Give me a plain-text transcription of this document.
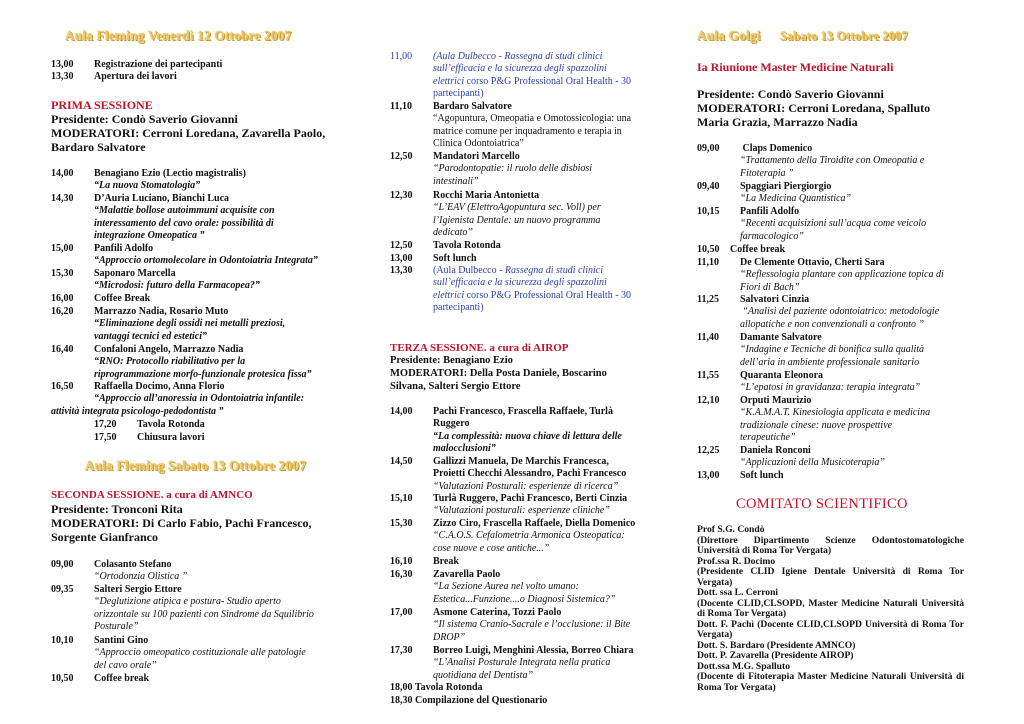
Aula Fleming Venerdì 12 Ottobre 2007
13,00 Registrazione dei partecipanti
13,30 Apertura dei lavori
PRIMA SESSIONE
Presidente: Condò Saverio Giovanni
MODERATORI: Cerroni Loredana, Zavarella Paolo,
Bardaro Salvatore
14,00 Benagiano Ezio (Lectio magistralis)
“La nuova Stomatologia”
14,30 D’Auria Luciano, Bianchi Luca
“Malattie bollose autoimmuni acquisite con
interessamento del cavo orale: possibilità di
integrazione Omeopatica ”
15,00 Panfili Adolfo
“Approccio ortomolecolare in Odontoiatria Integrata”
15,30 Saponaro Marcella
“Microdosi: futuro della Farmacopea?”
16,00 Coffee Break
16,20 Marrazzo Nadia, Rosario Muto
“Eliminazione degli ossidi nei metalli preziosi,
vantaggi tecnici ed estetici”
16,40 Confaloni Angelo, Marrazzo Nadia
“RNO: Protocollo riabilitativo per la
riprogrammazione morfo-funzionale protesica fissa”
16,50 Raffaella Docimo, Anna Florio
“Approccio all’anoressia in Odontoiatria infantile:
attività integrata psicologo-pedodontista ”
17,20 Tavola Rotonda
17,50 Chiusura lavori
Aula Fleming Sabato 13 Ottobre 2007
SECONDA SESSIONE. a cura di AMNCO
Presidente: Tronconi Rita
MODERATORI: Di Carlo Fabio, Pachì Francesco,
Sorgente Gianfranco
09,00 Colasanto Stefano
“Ortodonzia Olistica ”
09,35 Salteri Sergio Ettore
“Deglutizione atipica e postura- Studio aperto
orizzontale su 100 pazienti con Sindrome da Squilibrio
Posturale”
10,10 Santini Gino
“Approccio omeopatico costituzionale alle patologie
del cavo orale”
10,50 Coffee break
11,00 (Aula Dulbecco - Rassegna di studi clinici
sull’efficacia e la sicurezza degli spazzolini
elettrici corso P&G Professional Oral Health - 30
partecipanti)
11,10 Bardaro Salvatore
“Agopuntura, Omeopatia e Omotossicologia: una
matrice comune per inquadramento e terapia in
Clinica Odontoiatrica”
12,50 Mandatori Marcello
“Parodontopatie: il ruolo delle disbiosi
intestinali”
12,30 Rocchi Maria Antonietta
“L’EAV (ElettroAgopuntura sec. Voll) per
l’Igienista Dentale: un nuovo programma
dedicato”
12,50 Tavola Rotonda
13,00 Soft lunch
13,30 (Aula Dulbecco - Rassegna di studi clinici
sull’efficacia e la sicurezza degli spazzolini
elettrici corso P&G Professional Oral Health - 30
partecipanti)
TERZA SESSIONE. a cura di AIROP
Presidente: Benagiano Ezio
MODERATORI: Della Posta Daniele, Boscarino
Silvana, Salteri Sergio Ettore
14,00 Pachì Francesco, Frascella Raffaele, Turlà
Ruggero
“La complessità: nuova chiave di lettura delle
malocclusioni”
14,50 Gallizzi Manuela, De Marchis Francesca,
Proietti Checchi Alessandro, Pachì Francesco
“Valutazioni Posturali: esperienze di ricerca”
15,10 Turlà Ruggero, Pachì Francesco, Berti Cinzia
“Valutazioni posturali: esperienze cliniche”
15,30 Zizzo Ciro, Frascella Raffaele, Diella Domenico
“C.A.O.S. Cefalometria Armonica Osteopatica:
cose nuove e cose antiche...”
16,10 Break
16,30 Zavarella Paolo
“La Sezione Aurea nel volto umano:
Estetica...Funzione....o Diagnosi Sistemica?”
17,00 Asmone Caterina, Tozzi Paolo
“Il sistema Cranio-Sacrale e l’occlusione: il Bite
DROP”
17,30 Borreo Luigi, Menghini Alessia, Borreo Chiara
“L’Analisi Posturale Integrata nella pratica
quotidiana del Dentista”
18,00 Tavola Rotonda
18,30 Compilazione del Questionario
Aula Golgi Sabato 13 Ottobre 2007
Ia Riunione Master Medicine Naturali
Presidente: Condò Saverio Giovanni
MODERATORI: Cerroni Loredana, Spalluto
Maria Grazia, Marrazzo Nadia
09,00 Claps Domenico
“Trattamento della Tiroidite con Omeopatia e
Fitoterapia ”
09,40 Spaggiari Piergiorgio
“La Medicina Quantistica”
10,15 Panfili Adolfo
“Recenti acquisizioni sull’acqua come veicolo
farmacologico”
10,50 Coffee break
11,10 De Clemente Ottavio, Cherti Sara
“Reflessologia plantare con applicazione topica di
Fiori di Bach”
11,25 Salvatori Cinzia
“Analisi del paziente odontoiatrico: metodologie
allopatiche e non convenzionali a confronto ”
11,40 Damante Salvatore
“Indagine e Tecniche di bonifica sulla qualità
dell’aria in ambiente professionale sanitario
11,55 Quaranta Eleonora
“L’epatosi in gravidanza: terapia integrata”
12,10 Orputi Maurizio
“K.A.M.A.T. Kinesiologia applicata e medicina
tradizionale cinese: nuove prospettive
terapeutiche”
12,25 Daniela Ronconi
“Applicazioni della Musicoterapia”
13,00 Soft lunch
COMITATO SCIENTIFICO
Prof S.G. Condò
(Direttore Dipartimento Scienze Odontostomatologiche Università di Roma Tor Vergata)
Prof.ssa R. Docimo
(Presidente CLID Igiene Dentale Università di Roma Tor Vergata)
Dott. ssa L. Cerroni
(Docente CLID,CLSOPD, Master Medicine Naturali Università di Roma Tor Vergata)
Dott. F. Pachì (Docente CLID,CLSOPD Università di Roma Tor Vergata)
Dott. S. Bardaro (Presidente AMNCO)
Dott. P. Zavarella (Presidente AIROP)
Dott.ssa M.G. Spalluto
(Docente di Fitoterapia Master Medicine Naturali Università di Roma Tor Vergata)
